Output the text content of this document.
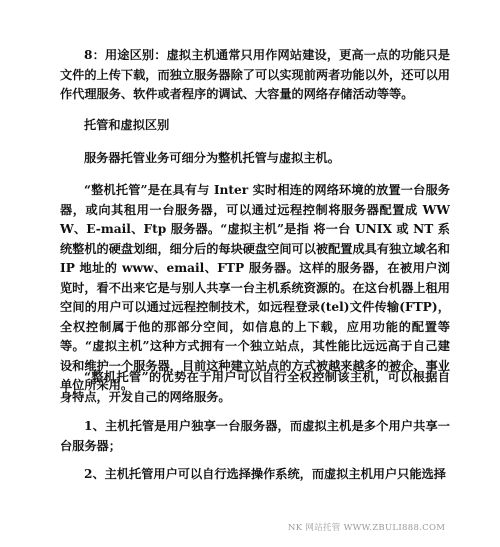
8：用途区别：虚拟主机通常只用作网站建设，更高一点的功能只是文件的上传下载，而独立服务器除了可以实现前两者功能以外，还可以用作代理服务、软件或者程序的调试、大容量的网络存储活动等等。

托管和虚拟区别

服务器托管业务可细分为整机托管与虚拟主机。

“整机托管”是在具有与 Inter 实时相连的网络环境的放置一台服务器，或向其租用一台服务器，可以通过远程控制将服务器配置成 WWW、E-mail、Ftp 服务器。“虚拟主机”是指 将一台 UNIX 或 NT 系统整机的硬盘划细，细分后的每块硬盘空间可以被配置成具有独立域名和 IP 地址的 www、email、FTP 服务器。这样的服务器，在被用户浏览时，看不出来它是与别人共享一台主机系统资源的。在这台机器上租用空间的用户可以通过远程控制技术，如远程登录(tel)文件传输(FTP)，全权控制属于他的那部分空间，如信息的上下载，应用功能的配置等等。“虚拟主机”这种方式拥有一个独立站点，其性能比远远高于自己建设和维护一个服务器，目前这种建立站点的方式被越来越多的被企、事业单位所采用。

“整机托管”的优势在于用户可以自行全权控制该主机，可以根据自身特点，开发自己的网络服务。

1、主机托管是用户独享一台服务器，而虚拟主机是多个用户共享一台服务器；

2、主机托管用户可以自行选择操作系统，而虚拟主机用户只能选择

NK 网站托管 WWW.ZBULI888.COM
